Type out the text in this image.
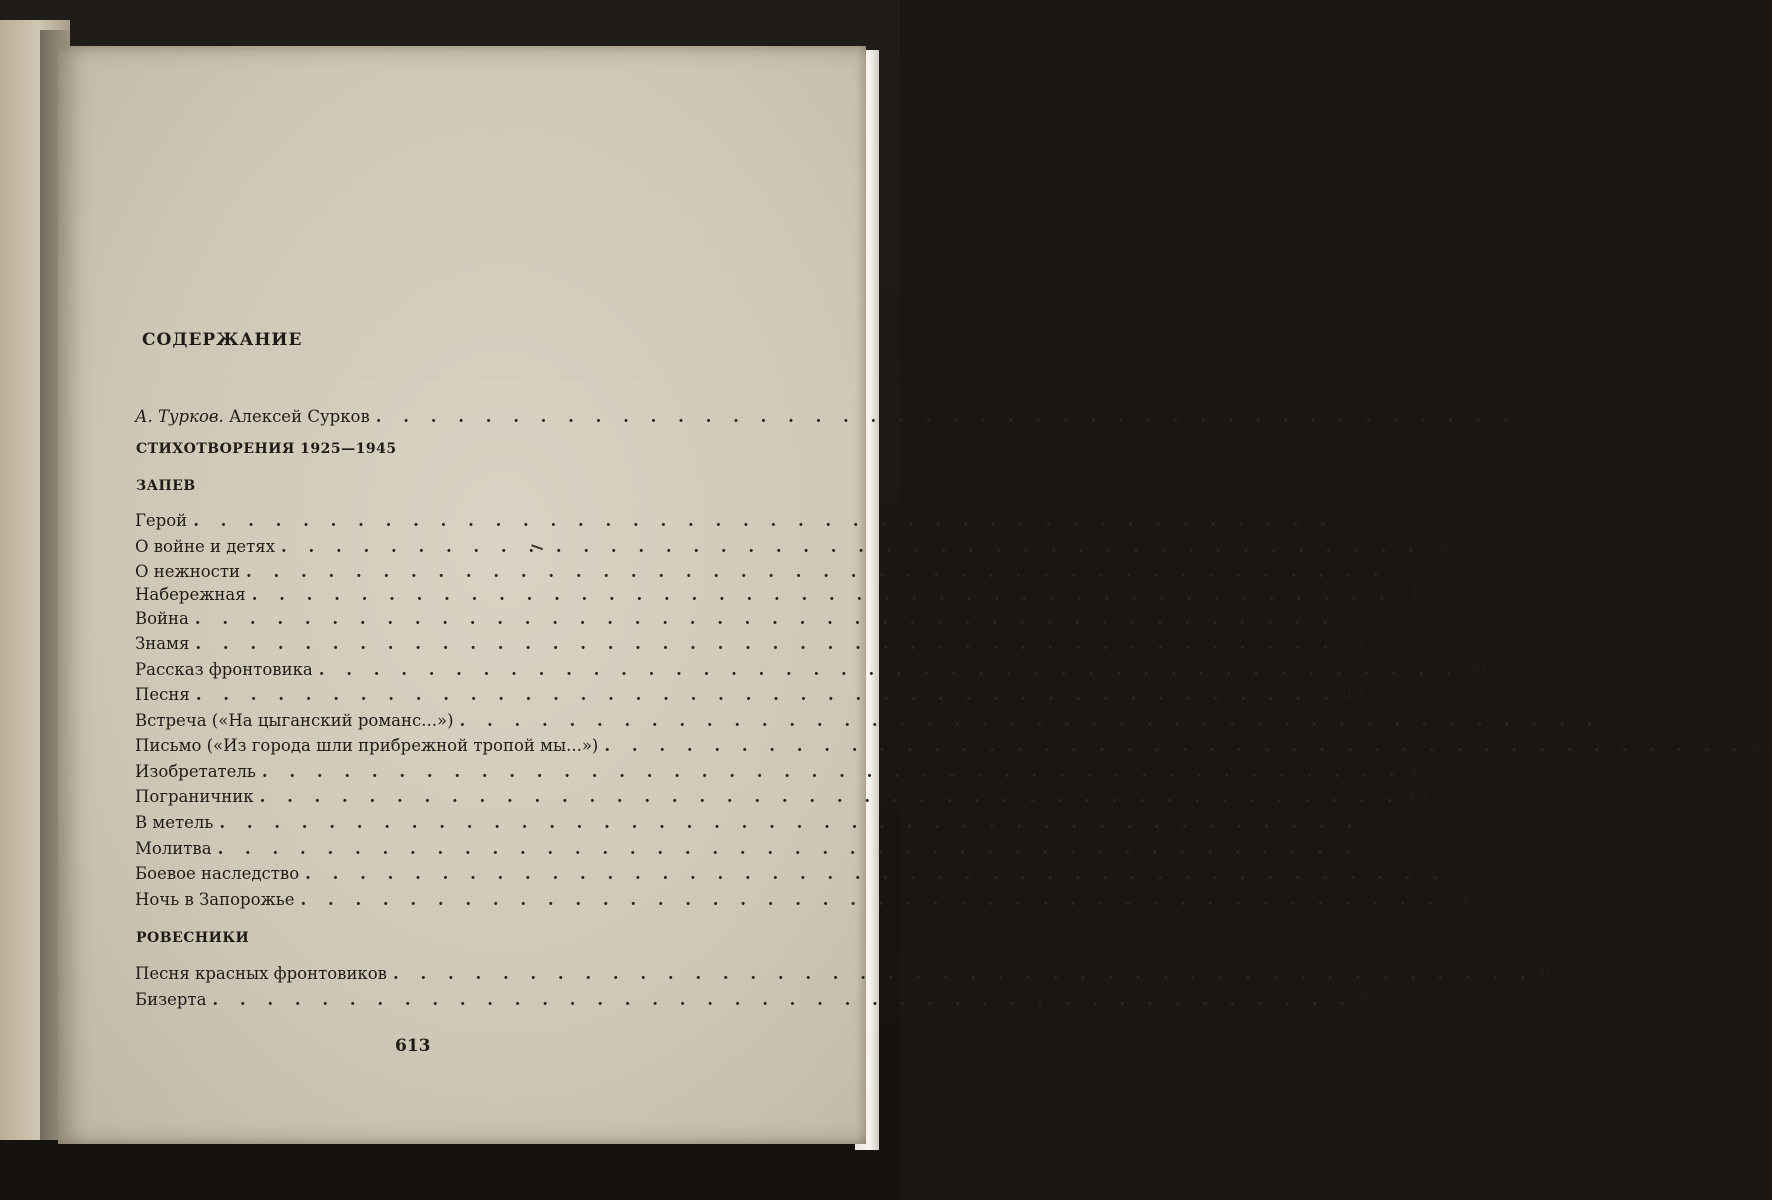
СОДЕРЖАНИЕ
А. Турков. Алексей Сурков . . . . . . . . . . . . . . . . . . . . . . . . . . . . . . . . . . . . . . . . . . 5
СТИХОТВОРЕНИЯ 1925—1945
ЗАПЕВ
Герой . . . . . . . . . . . . . . . . . . . . . . . . . . . . . . . . . . . . . . . . . . 27
О войне и детях . . . . . . . . . . . . . . . . . . . . . . . . . . . . . . . . . . . . . . . . . . 29
О нежности . . . . . . . . . . . . . . . . . . . . . . . . . . . . . . . . . . . . . . . . . . 32
Набережная . . . . . . . . . . . . . . . . . . . . . . . . . . . . . . . . . . . . . . . . . . 34
Война . . . . . . . . . . . . . . . . . . . . . . . . . . . . . . . . . . . . . . . . . . 35
Знамя . . . . . . . . . . . . . . . . . . . . . . . . . . . . . . . . . . . . . . . . . . 36
Рассказ фронтовика . . . . . . . . . . . . . . . . . . . . . . . . . . . . . . . . . . . . . . . . . . 38
Песня . . . . . . . . . . . . . . . . . . . . . . . . . . . . . . . . . . . . . . . . . . 40
Встреча («На цыганский романс...») . . . . . . . . . . . . . . . . . . . . . . . . . . . . . . . . . . . . . . . . . . 42
Письмо («Из города шли прибрежной тропой мы...») . . . . . . . . . . . . . . . . . . . . . . . . . . . . . . . . . . . . . . . . . . 45
Изобретатель . . . . . . . . . . . . . . . . . . . . . . . . . . . . . . . . . . . . . . . . . . 47
Пограничник . . . . . . . . . . . . . . . . . . . . . . . . . . . . . . . . . . . . . . . . . . 49
В метель . . . . . . . . . . . . . . . . . . . . . . . . . . . . . . . . . . . . . . . . . . 51
Молитва . . . . . . . . . . . . . . . . . . . . . . . . . . . . . . . . . . . . . . . . . . 54
Боевое наследство . . . . . . . . . . . . . . . . . . . . . . . . . . . . . . . . . . . . . . . . . . 57
Ночь в Запорожье . . . . . . . . . . . . . . . . . . . . . . . . . . . . . . . . . . . . . . . . . . 59
РОВЕСНИКИ
Песня красных фронтовиков . . . . . . . . . . . . . . . . . . . . . . . . . . . . . . . . . . . . . . . . . . 62
Бизерта . . . . . . . . . . . . . . . . . . . . . . . . . . . . . . . . . . . . . . . . . . 66
613
